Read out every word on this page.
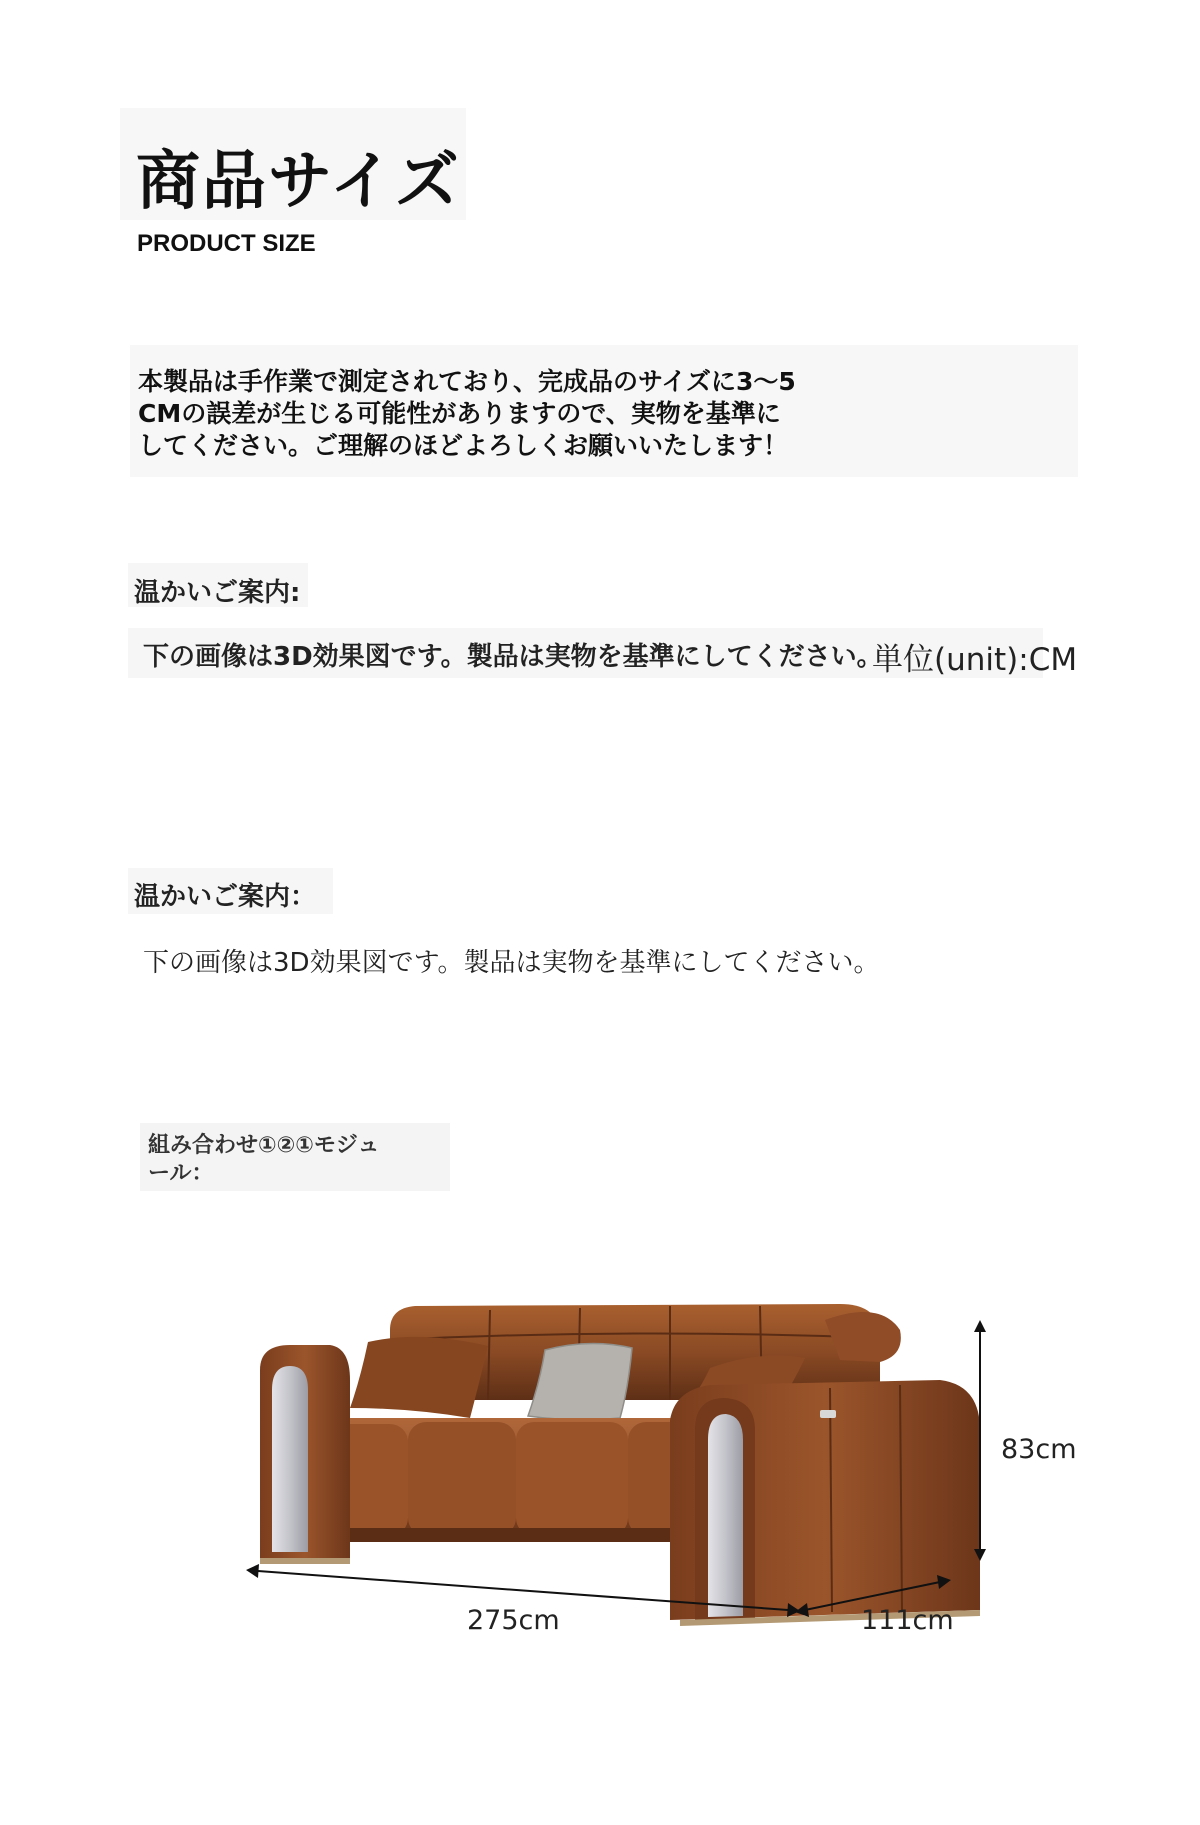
商品サイズ
PRODUCT SIZE
本製品は手作業で測定されており、完成品のサイズに3〜5
CMの誤差が生じる可能性がありますので、実物を基準に
してください。ご理解のほどよろしくお願いいたします！
温かいご案内:
下の画像は3D効果図です。製品は実物を基準にしてください。
単位(unit):CM
温かいご案内：
下の画像は3D効果図です。製品は実物を基準にしてください。
組み合わせ①②①モジュ
ール：
83cm
275cm	111cm
